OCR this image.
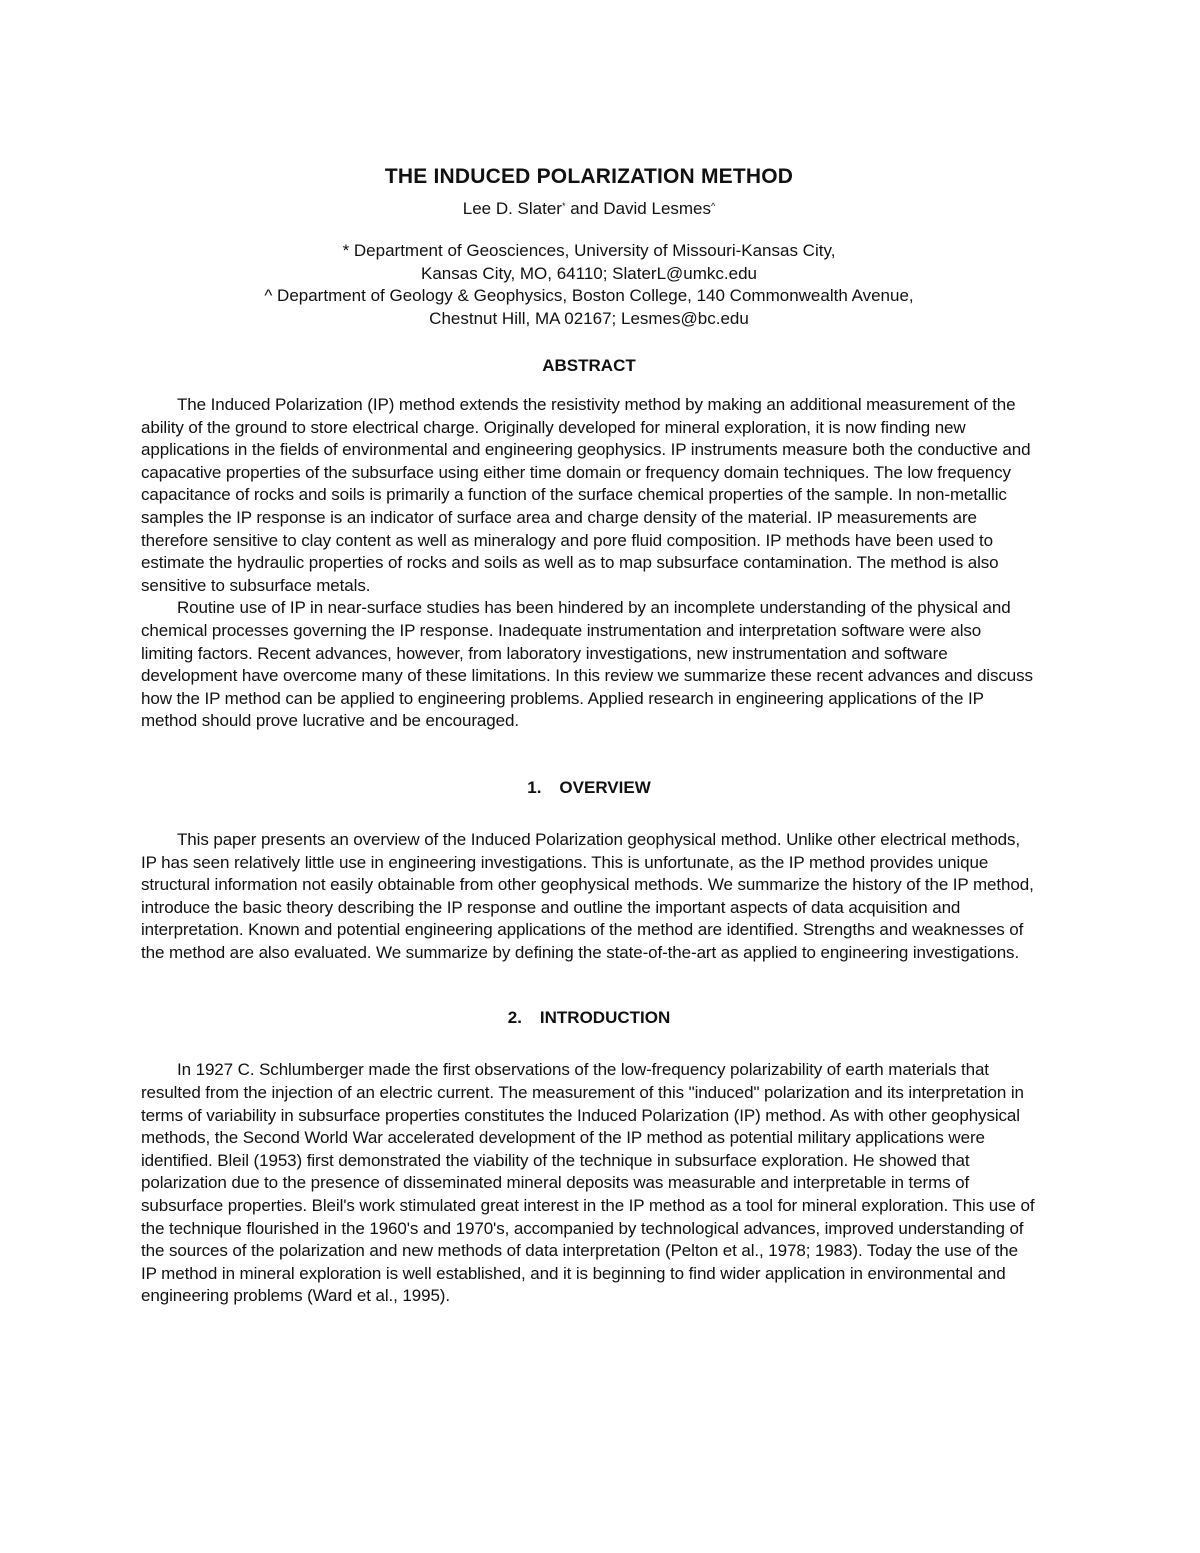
THE INDUCED POLARIZATION METHOD
Lee D. Slater* and David Lesmes^

* Department of Geosciences, University of Missouri-Kansas City,

Kansas City, MO, 64110; SlaterL@umkc.edu

^ Department of Geology & Geophysics, Boston College, 140 Commonwealth Avenue,

Chestnut Hill, MA 02167; Lesmes@bc.edu

ABSTRACT

The Induced Polarization (IP) method extends the resistivity method by making an additional measurement of the ability of the ground to store electrical charge. Originally developed for mineral exploration, it is now finding new applications in the fields of environmental and engineering geophysics. IP instruments measure both the conductive and capacative properties of the subsurface using either time domain or frequency domain techniques. The low frequency capacitance of rocks and soils is primarily a function of the surface chemical properties of the sample. In non-metallic samples the IP response is an indicator of surface area and charge density of the material. IP measurements are therefore sensitive to clay content as well as mineralogy and pore fluid composition. IP methods have been used to estimate the hydraulic properties of rocks and soils as well as to map subsurface contamination. The method is also sensitive to subsurface metals.

Routine use of IP in near-surface studies has been hindered by an incomplete understanding of the physical and chemical processes governing the IP response. Inadequate instrumentation and interpretation software were also limiting factors. Recent advances, however, from laboratory investigations, new instrumentation and software development have overcome many of these limitations. In this review we summarize these recent advances and discuss how the IP method can be applied to engineering problems. Applied research in engineering applications of the IP method should prove lucrative and be encouraged.

1. OVERVIEW

This paper presents an overview of the Induced Polarization geophysical method. Unlike other electrical methods, IP has seen relatively little use in engineering investigations. This is unfortunate, as the IP method provides unique structural information not easily obtainable from other geophysical methods. We summarize the history of the IP method, introduce the basic theory describing the IP response and outline the important aspects of data acquisition and interpretation. Known and potential engineering applications of the method are identified. Strengths and weaknesses of the method are also evaluated. We summarize by defining the state-of-the-art as applied to engineering investigations.

2. INTRODUCTION

In 1927 C. Schlumberger made the first observations of the low-frequency polarizability of earth materials that resulted from the injection of an electric current. The measurement of this "induced" polarization and its interpretation in terms of variability in subsurface properties constitutes the Induced Polarization (IP) method. As with other geophysical methods, the Second World War accelerated development of the IP method as potential military applications were identified. Bleil (1953) first demonstrated the viability of the technique in subsurface exploration. He showed that polarization due to the presence of disseminated mineral deposits was measurable and interpretable in terms of subsurface properties. Bleil's work stimulated great interest in the IP method as a tool for mineral exploration. This use of the technique flourished in the 1960's and 1970's, accompanied by technological advances, improved understanding of the sources of the polarization and new methods of data interpretation (Pelton et al., 1978; 1983). Today the use of the IP method in mineral exploration is well established, and it is beginning to find wider application in environmental and engineering problems (Ward et al., 1995).
